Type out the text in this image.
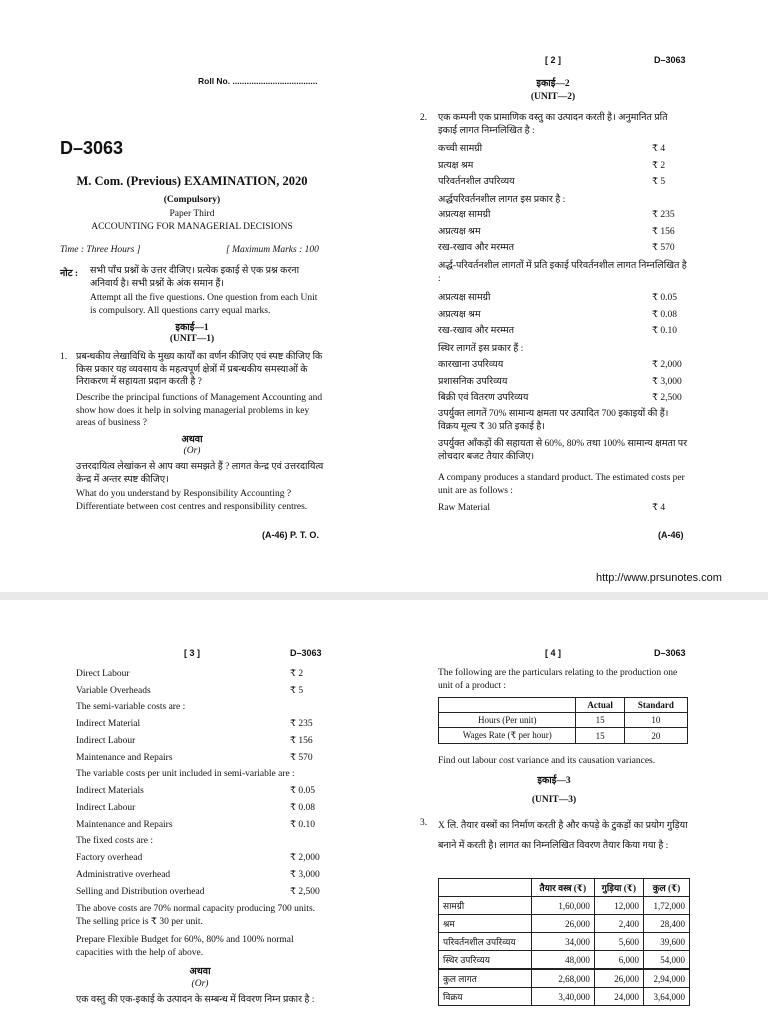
Roll No. ....................................
D–3063
M. Com. (Previous) EXAMINATION, 2020
(Compulsory)
Paper Third
ACCOUNTING FOR MANAGERIAL DECISIONS
Time : Three Hours ]	[ Maximum Marks : 100
नोट : सभी पाँच प्रश्नों के उत्तर दीजिए। प्रत्येक इकाई से एक प्रश्न करना अनिवार्य है। सभी प्रश्नों के अंक समान हैं।
Attempt all the five questions. One question from each Unit is compulsory. All questions carry equal marks.
इकाई—1
(UNIT—1)
1. प्रबन्धकीय लेखाविधि के मुख्य कार्यों का वर्णन कीजिए एवं स्पष्ट कीजिए कि किस प्रकार यह व्यवसाय के महत्वपूर्ण क्षेत्रों में प्रबन्धकीय समस्याओं के निराकरण में सहायता प्रदान करती है ?
Describe the principal functions of Management Accounting and show how does it help in solving managerial problems in key areas of business ?
अथवा
(Or)
उत्तरदायित्व लेखांकन से आप क्या समझते हैं ? लागत केन्द्र एवं उत्तरदायित्व केन्द्र में अन्तर स्पष्ट कीजिए।
What do you understand by Responsibility Accounting ? Differentiate between cost centres and responsibility centres.
(A-46) P. T. O.
[ 2 ]	D–3063
इकाई—2
(UNIT—2)
2. एक कम्पनी एक प्रामाणिक वस्तु का उत्पादन करती है। अनुमानित प्रति इकाई लागत निम्नलिखित है :
कच्ची सामग्री	₹ 4
प्रत्यक्ष श्रम	₹ 2
परिवर्तनशील उपरिव्यय	₹ 5
अर्द्धपरिवर्तनशील लागत इस प्रकार है :
अप्रत्यक्ष सामग्री	₹ 235
अप्रत्यक्ष श्रम	₹ 156
रख-रखाव और मरम्मत	₹ 570
अर्द्ध-परिवर्तनशील लागतों में प्रति इकाई परिवर्तनशील लागत निम्नलिखित है :
अप्रत्यक्ष सामग्री	₹ 0.05
अप्रत्यक्ष श्रम	₹ 0.08
रख-रखाव और मरम्मत	₹ 0.10
स्थिर लागतें इस प्रकार हैं :
कारखाना उपरिव्यय	₹ 2,000
प्रशासनिक उपरिव्यय	₹ 3,000
बिक्री एवं वितरण उपरिव्यय	₹ 2,500
उपर्युक्त लागतें 70% सामान्य क्षमता पर उत्पादित 700 इकाइयों की हैं। विक्रय मूल्य ₹ 30 प्रति इकाई है।
उपर्युक्त आँकड़ों की सहायता से 60%, 80% तथा 100% सामान्य क्षमता पर लोचदार बजट तैयार कीजिए।
A company produces a standard product. The estimated costs per unit are as follows :
Raw Material	₹ 4
(A-46)
http://www.prsunotes.com
[ 3 ]	D–3063
Direct Labour	₹ 2
Variable Overheads	₹ 5
The semi-variable costs are :
Indirect Material	₹ 235
Indirect Labour	₹ 156
Maintenance and Repairs	₹ 570
The variable costs per unit included in semi-variable are :
Indirect Materials	₹ 0.05
Indirect Labour	₹ 0.08
Maintenance and Repairs	₹ 0.10
The fixed costs are :
Factory overhead	₹ 2,000
Administrative overhead	₹ 3,000
Selling and Distribution overhead	₹ 2,500
The above costs are 70% normal capacity producing 700 units. The selling price is ₹ 30 per unit.
Prepare Flexible Budget for 60%, 80% and 100% normal capacities with the help of above.
अथवा
(Or)
एक वस्तु की एक-इकाई के उत्पादन के सम्बन्ध में विवरण निम्न प्रकार है :
[ 4 ]	D–3063
The following are the particulars relating to the production one unit of a product :
	Actual	Standard
Hours (Per unit)	15	10
Wages Rate (₹ per hour)	15	20
Find out labour cost variance and its causation variances.
इकाई—3
(UNIT—3)
3. X लि. तैयार वस्त्रों का निर्माण करती है और कपड़े के टुकड़ों का प्रयोग गुड़िया बनाने में करती है। लागत का निम्नलिखित विवरण तैयार किया गया है :
	तैयार वस्त्र (₹)	गुड़िया (₹)	कुल (₹)
सामग्री	1,60,000	12,000	1,72,000
श्रम	26,000	2,400	28,400
परिवर्तनशील उपरिव्यय	34,000	5,600	39,600
स्थिर उपरिव्यय	48,000	6,000	54,000
कुल लागत	2,68,000	26,000	2,94,000
विक्रय	3,40,000	24,000	3,64,000
